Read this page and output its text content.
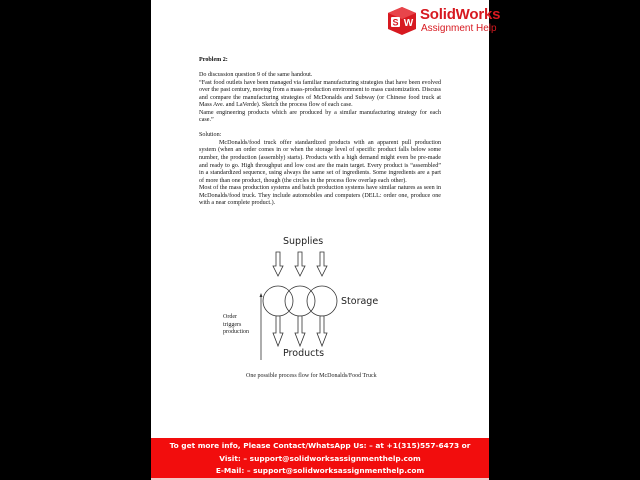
S W
SolidWorks
Assignment Help

Problem 2:

Do discussion question 9 of the same handout.

“Fast food outlets have been managed via familiar manufacturing strategies that have been evolved over the past century, moving from a mass-production environment to mass customization. Discuss and compare the manufacturing strategies of McDonalds and Subway (or Chinese food truck at Mass Ave. and LaVerde). Sketch the process flow of each case.

Name engineering products which are produced by a similar manufacturing strategy for each case.”

Solution:

McDonalds/food truck offer standardized products with an apparent pull production system (when an order comes in or when the storage level of specific product falls below some number, the production (assembly) starts). Products with a high demand might even be pre-made and ready to go. High throughput and low cost are the main target. Every product is “assembled” in a standardized sequence, using always the same set of ingredients. Some ingredients are a part of more than one product, though (the circles in the process flow overlap each other).

Most of the mass production systems and batch production systems have similar natures as seen in McDonalds/food truck. They include automobiles and computers (DELL: order one, produce one with a near complete product.).

Supplies
Storage
Products
Order
triggers
production
One possible process flow for McDonalds/Food Truck
To get more info, Please Contact/WhatsApp Us: – at +1(315)557-6473 or
Visit: – support@solidworksassignmenthelp.com
E-Mail: – support@solidworksassignmenthelp.com
